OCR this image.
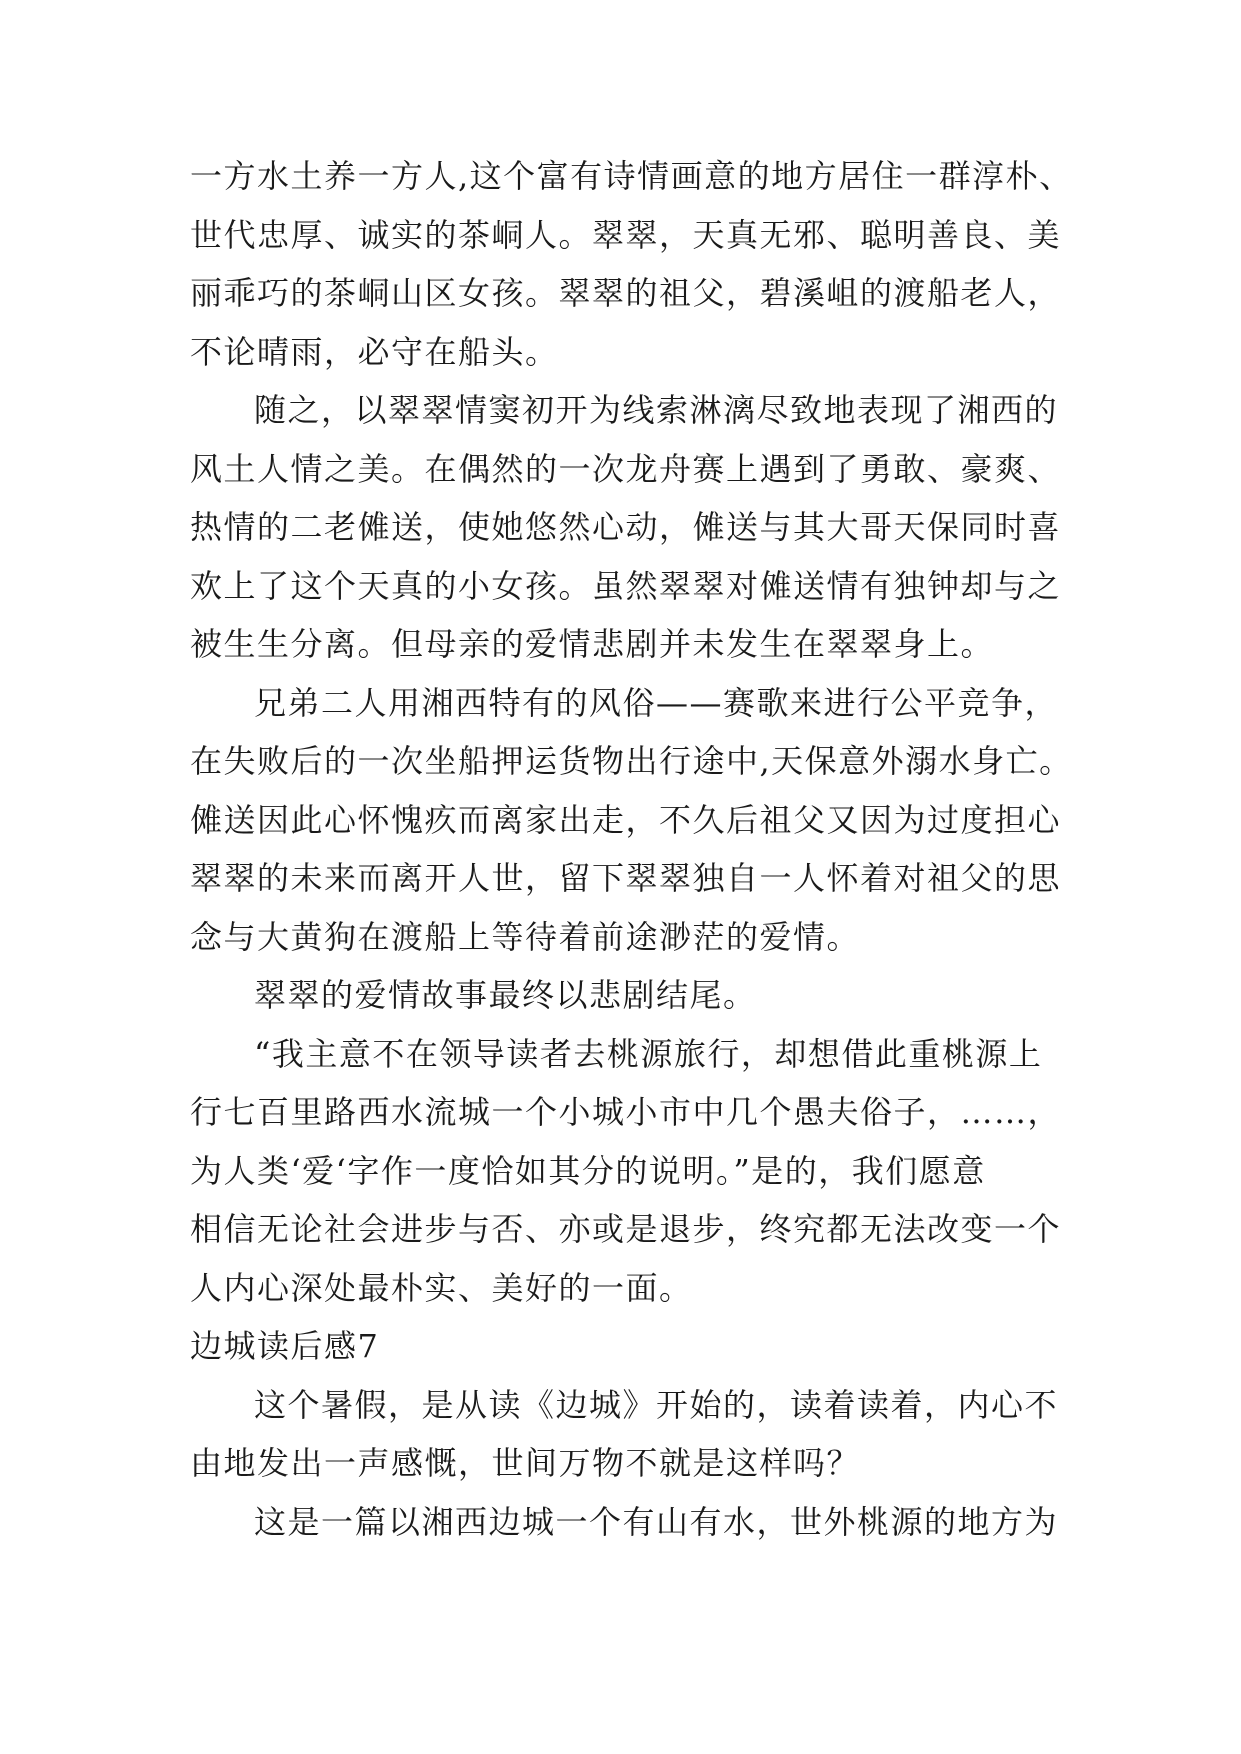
一方水土养一方人,这个富有诗情画意的地方居住一群淳朴、
世代忠厚、诚实的茶峒人。翠翠，天真无邪、聪明善良、美
丽乖巧的茶峒山区女孩。翠翠的祖父，碧溪岨的渡船老人，
不论晴雨，必守在船头。
随之，以翠翠情窦初开为线索淋漓尽致地表现了湘西的
风土人情之美。在偶然的一次龙舟赛上遇到了勇敢、豪爽、
热情的二老傩送，使她悠然心动，傩送与其大哥天保同时喜
欢上了这个天真的小女孩。虽然翠翠对傩送情有独钟却与之
被生生分离。但母亲的爱情悲剧并未发生在翠翠身上。
兄弟二人用湘西特有的风俗——赛歌来进行公平竞争，
在失败后的一次坐船押运货物出行途中,天保意外溺水身亡。
傩送因此心怀愧疚而离家出走，不久后祖父又因为过度担心
翠翠的未来而离开人世，留下翠翠独自一人怀着对祖父的思
念与大黄狗在渡船上等待着前途渺茫的爱情。
翠翠的爱情故事最终以悲剧结尾。
“我主意不在领导读者去桃源旅行，却想借此重桃源上
行七百里路西水流城一个小城小市中几个愚夫俗子，……，
为人类‘爱‘字作一度恰如其分的说明。”是的，我们愿意
相信无论社会进步与否、亦或是退步，终究都无法改变一个
人内心深处最朴实、美好的一面。
边城读后感7
这个暑假，是从读《边城》开始的，读着读着，内心不
由地发出一声感慨，世间万物不就是这样吗？
这是一篇以湘西边城一个有山有水，世外桃源的地方为
